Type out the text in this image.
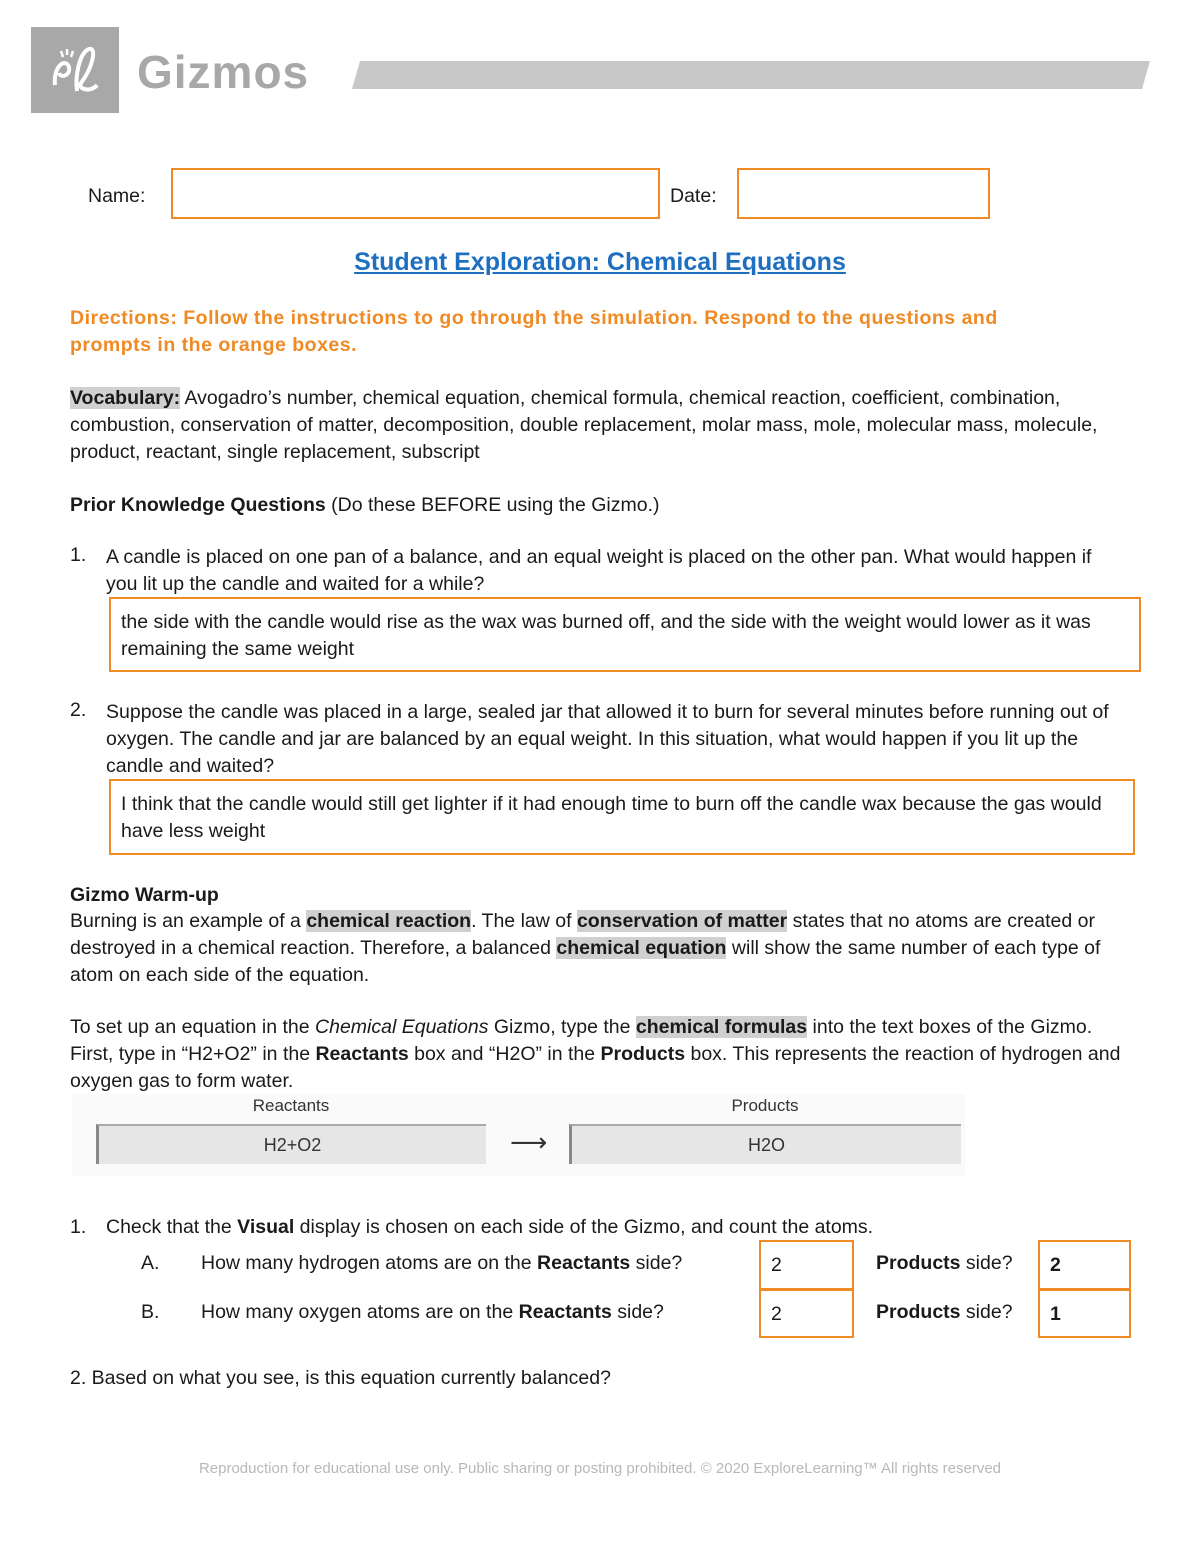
Gizmos
Name:	Date:
Student Exploration: Chemical Equations
Directions: Follow the instructions to go through the simulation. Respond to the questions and prompts in the orange boxes.
Vocabulary: Avogadro’s number, chemical equation, chemical formula, chemical reaction, coefficient, combination, combustion, conservation of matter, decomposition, double replacement, molar mass, mole, molecular mass, molecule, product, reactant, single replacement, subscript
Prior Knowledge Questions (Do these BEFORE using the Gizmo.)
1. A candle is placed on one pan of a balance, and an equal weight is placed on the other pan. What would happen if you lit up the candle and waited for a while?
the side with the candle would rise as the wax was burned off, and the side with the weight would lower as it was remaining the same weight
2. Suppose the candle was placed in a large, sealed jar that allowed it to burn for several minutes before running out of oxygen. The candle and jar are balanced by an equal weight. In this situation, what would happen if you lit up the candle and waited?
I think that the candle would still get lighter if it had enough time to burn off the candle wax because the gas would have less weight
Gizmo Warm-up
Burning is an example of a chemical reaction. The law of conservation of matter states that no atoms are created or destroyed in a chemical reaction. Therefore, a balanced chemical equation will show the same number of each type of atom on each side of the equation.
To set up an equation in the Chemical Equations Gizmo, type the chemical formulas into the text boxes of the Gizmo. First, type in “H2+O2” in the Reactants box and “H2O” in the Products box. This represents the reaction of hydrogen and oxygen gas to form water.
Reactants
H2+O2	⟶
Products
H2O
1. Check that the Visual display is chosen on each side of the Gizmo, and count the atoms.
A. How many hydrogen atoms are on the Reactants side?	2	Products side?	2
B. How many oxygen atoms are on the Reactants side?	2	Products side?	1
2. Based on what you see, is this equation currently balanced?
Reproduction for educational use only. Public sharing or posting prohibited. © 2020 ExploreLearning™ All rights reserved
